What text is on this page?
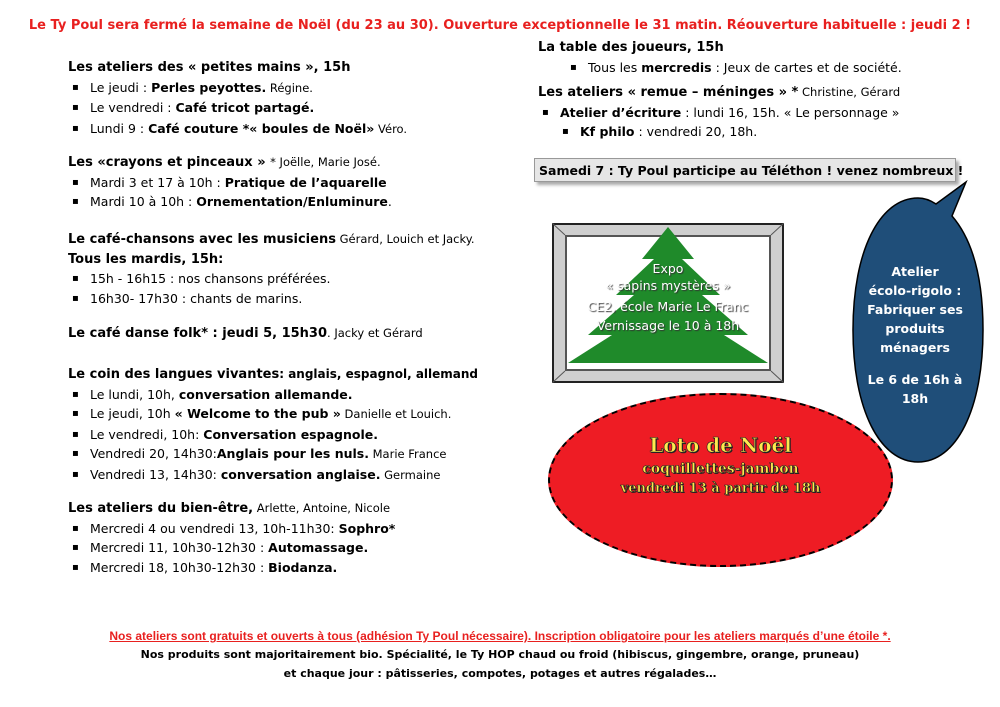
Le Ty Poul sera fermé la semaine de Noël (du 23 au 30). Ouverture exceptionnelle le 31 matin. Réouverture habituelle : jeudi 2 !
Les ateliers des « petites mains », 15h
▪ Le jeudi : Perles peyottes. Régine.
▪ Le vendredi : Café tricot partagé.
▪ Lundi 9 : Café couture *« boules de Noël» Véro.
Les «crayons et pinceaux » * Joëlle, Marie José.
▪ Mardi 3 et 17 à 10h : Pratique de l’aquarelle
▪ Mardi 10 à 10h : Ornementation/Enluminure.
Le café-chansons avec les musiciens Gérard, Louich et Jacky.
Tous les mardis, 15h:
▪ 15h - 16h15 : nos chansons préférées.
▪ 16h30- 17h30 : chants de marins.
Le café danse folk* : jeudi 5, 15h30. Jacky et Gérard
Le coin des langues vivantes: anglais, espagnol, allemand
▪ Le lundi, 10h, conversation allemande.
▪ Le jeudi, 10h « Welcome to the pub » Danielle et Louich.
▪ Le vendredi, 10h: Conversation espagnole.
▪ Vendredi 20, 14h30:Anglais pour les nuls. Marie France
▪ Vendredi 13, 14h30: conversation anglaise. Germaine
Les ateliers du bien-être, Arlette, Antoine, Nicole
▪ Mercredi 4 ou vendredi 13, 10h-11h30: Sophro*
▪ Mercredi 11, 10h30-12h30 : Automassage.
▪ Mercredi 18, 10h30-12h30 : Biodanza.
La table des joueurs, 15h
▪ Tous les mercredis : Jeux de cartes et de société.
Les ateliers « remue – méninges » * Christine, Gérard
▪ Atelier d’écriture : lundi 16, 15h. « Le personnage »
▪ Kf philo : vendredi 20, 18h.
Samedi 7 : Ty Poul participe au Téléthon ! venez nombreux !
Expo
« sapins mystères »
CE2, école Marie Le Franc
Vernissage le 10 à 18h
Atelier
écolo-rigolo :
Fabriquer ses
produits
ménagers
Le 6 de 16h à
18h
Loto de Noël
coquillettes-jambon
vendredi 13 à partir de 18h
Nos ateliers sont gratuits et ouverts à tous (adhésion Ty Poul nécessaire). Inscription obligatoire pour les ateliers marqués d’une étoile *.
Nos produits sont majoritairement bio. Spécialité, le Ty HOP chaud ou froid (hibiscus, gingembre, orange, pruneau)
et chaque jour : pâtisseries, compotes, potages et autres régalades…
